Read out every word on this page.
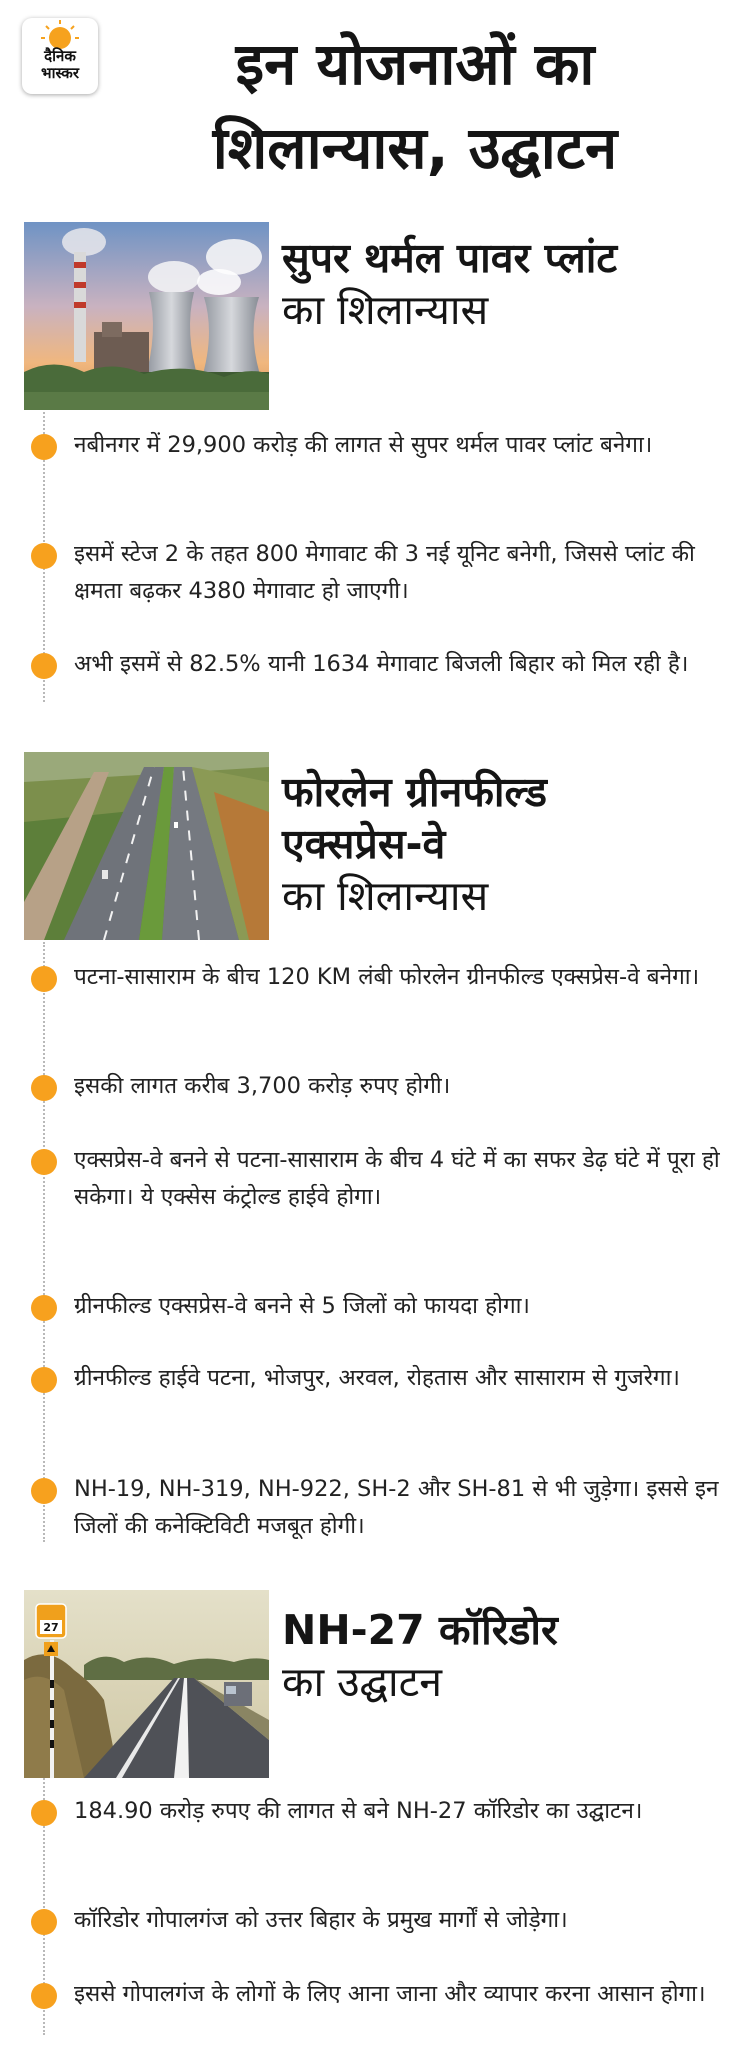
दैनिक
भास्कर	इन योजनाओं का
शिलान्यास, उद्घाटन
सुपर थर्मल पावर प्लांट
का शिलान्यास
नबीनगर में 29,900 करोड़ की लागत से सुपर थर्मल पावर प्लांट बनेगा।
इसमें स्टेज 2 के तहत 800 मेगावाट की 3 नई यूनिट बनेगी, जिससे प्लांट की क्षमता बढ़कर 4380 मेगावाट हो जाएगी।
अभी इसमें से 82.5% यानी 1634 मेगावाट बिजली बिहार को मिल रही है।
फोरलेन ग्रीनफील्ड
एक्सप्रेस-वे
का शिलान्यास
पटना-सासाराम के बीच 120 KM लंबी फोरलेन ग्रीनफील्ड एक्सप्रेस-वे बनेगा।
इसकी लागत करीब 3,700 करोड़ रुपए होगी।
एक्सप्रेस-वे बनने से पटना-सासाराम के बीच 4 घंटे में का सफर डेढ़ घंटे में पूरा हो सकेगा। ये एक्सेस कंट्रोल्ड हाईवे होगा।
ग्रीनफील्ड एक्सप्रेस-वे बनने से 5 जिलों को फायदा होगा।
ग्रीनफील्ड हाईवे पटना, भोजपुर, अरवल, रोहतास और सासाराम से गुजरेगा।
NH-19, NH-319, NH-922, SH-2 और SH-81 से भी जुड़ेगा। इससे इन जिलों की कनेक्टिविटी मजबूत होगी।
27	NH-27 कॉरिडोर
का उद्घाटन
184.90 करोड़ रुपए की लागत से बने NH-27 कॉरिडोर का उद्घाटन।
कॉरिडोर गोपालगंज को उत्तर बिहार के प्रमुख मार्गों से जोड़ेगा।
इससे गोपालगंज के लोगों के लिए आना जाना और व्यापार करना आसान होगा।
